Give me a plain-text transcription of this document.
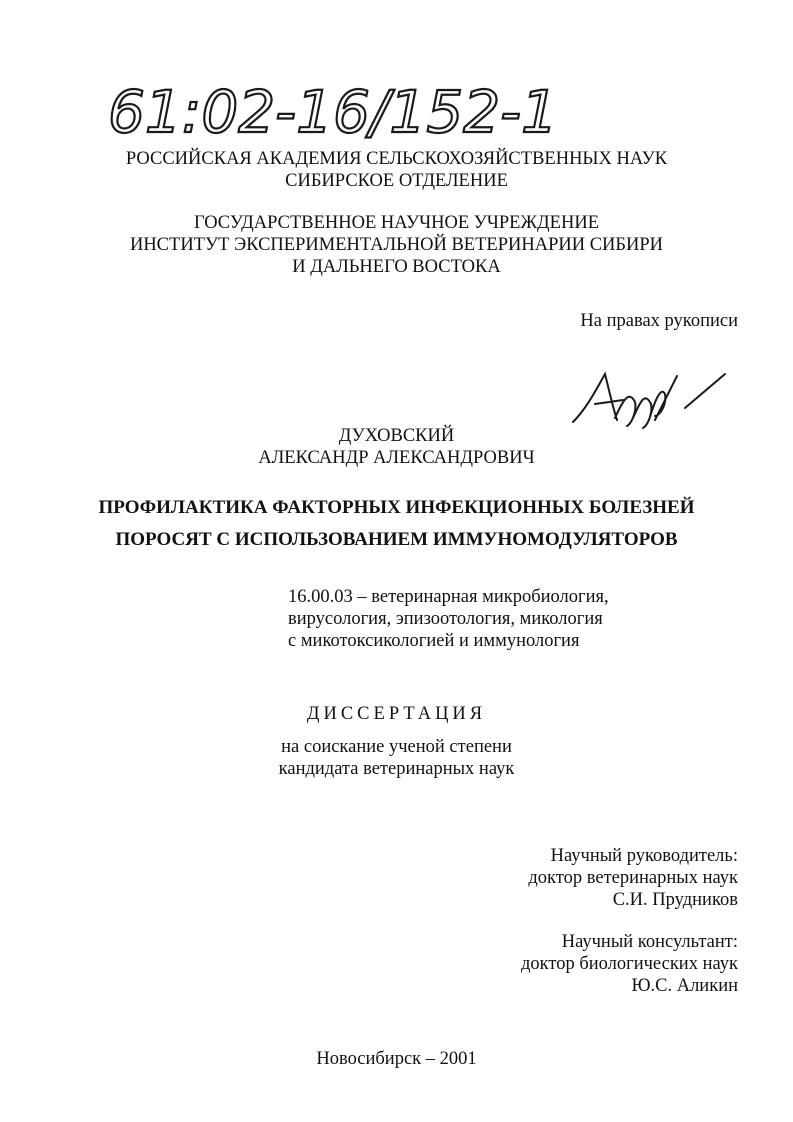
61:02-16/152-1
РОССИЙСКАЯ АКАДЕМИЯ СЕЛЬСКОХОЗЯЙСТВЕННЫХ НАУК
СИБИРСКОЕ ОТДЕЛЕНИЕ
ГОСУДАРСТВЕННОЕ НАУЧНОЕ УЧРЕЖДЕНИЕ
ИНСТИТУТ ЭКСПЕРИМЕНТАЛЬНОЙ ВЕТЕРИНАРИИ СИБИРИ
И ДАЛЬНЕГО ВОСТОКА
На правах рукописи
ДУХОВСКИЙ
АЛЕКСАНДР АЛЕКСАНДРОВИЧ
ПРОФИЛАКТИКА ФАКТОРНЫХ ИНФЕКЦИОННЫХ БОЛЕЗНЕЙ
ПОРОСЯТ С ИСПОЛЬЗОВАНИЕМ ИММУНОМОДУЛЯТОРОВ
16.00.03 – ветеринарная микробиология,
вирусология, эпизоотология, микология
с микотоксикологией и иммунология
ДИССЕРТАЦИЯ
на соискание ученой степени
кандидата ветеринарных наук
Научный руководитель:
доктор ветеринарных наук
С.И. Прудников
Научный консультант:
доктор биологических наук
Ю.С. Аликин
Новосибирск – 2001
